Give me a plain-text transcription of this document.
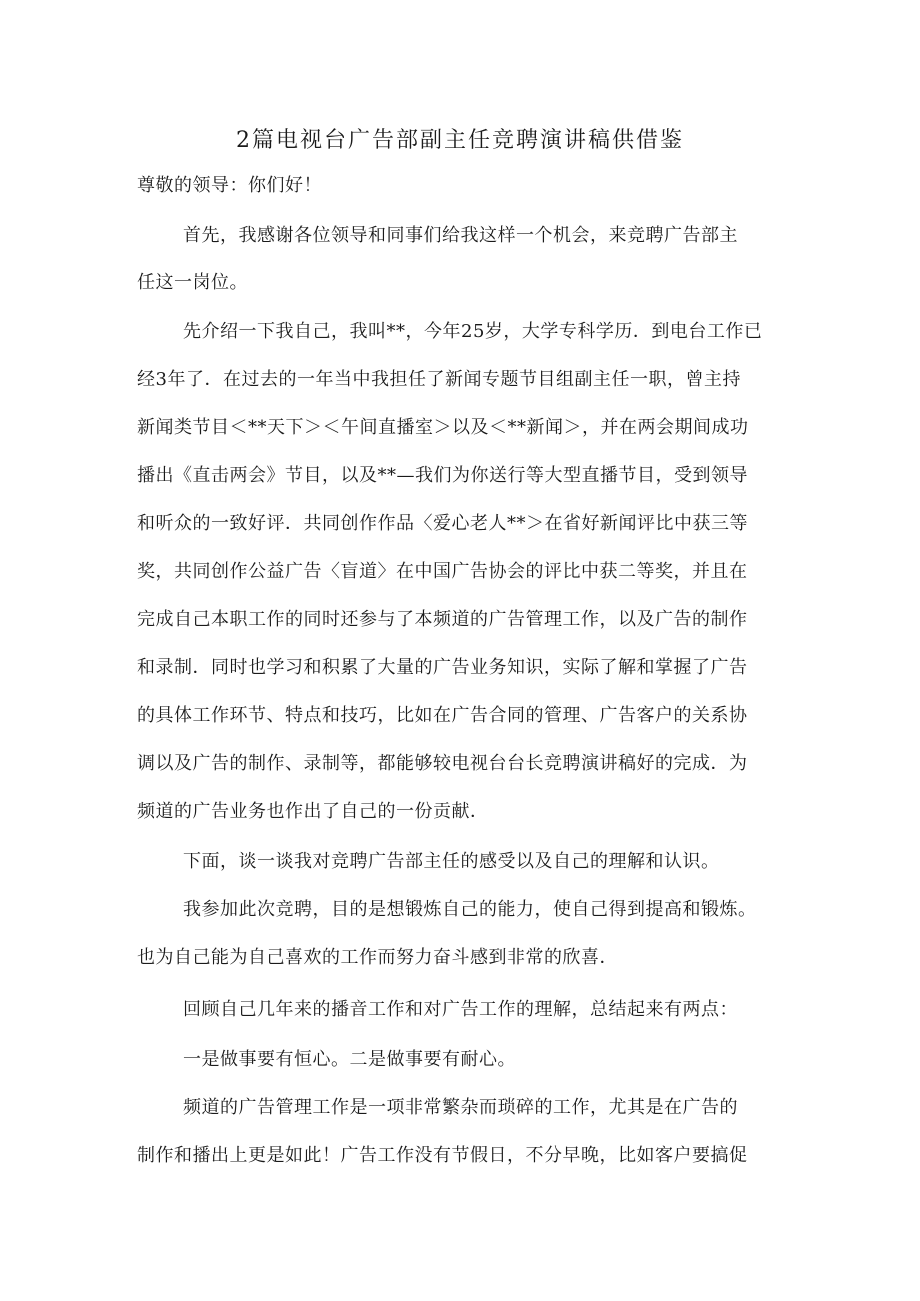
2篇电视台广告部副主任竞聘演讲稿供借鉴
尊敬的领导：你们好！
首先，我感谢各位领导和同事们给我这样一个机会，来竞聘广告部主
任这一岗位。
先介绍一下我自己，我叫**，今年25岁，大学专科学历．到电台工作已
经3年了．在过去的一年当中我担任了新闻专题节目组副主任一职，曾主持
新闻类节目＜**天下＞＜午间直播室＞以及＜**新闻＞，并在两会期间成功
播出《直击两会》节目，以及**—我们为你送行等大型直播节目，受到领导
和听众的一致好评．共同创作作品〈爱心老人**＞在省好新闻评比中获三等
奖，共同创作公益广告〈盲道〉在中国广告协会的评比中获二等奖，并且在
完成自己本职工作的同时还参与了本频道的广告管理工作，以及广告的制作
和录制．同时也学习和积累了大量的广告业务知识，实际了解和掌握了广告
的具体工作环节、特点和技巧，比如在广告合同的管理、广告客户的关系协
调以及广告的制作、录制等，都能够较电视台台长竞聘演讲稿好的完成．为
频道的广告业务也作出了自己的一份贡献．
下面，谈一谈我对竞聘广告部主任的感受以及自己的理解和认识。
我参加此次竞聘，目的是想锻炼自己的能力，使自己得到提高和锻炼。
也为自己能为自己喜欢的工作而努力奋斗感到非常的欣喜．
回顾自己几年来的播音工作和对广告工作的理解，总结起来有两点：
一是做事要有恒心。二是做事要有耐心。
频道的广告管理工作是一项非常繁杂而琐碎的工作，尤其是在广告的
制作和播出上更是如此！广告工作没有节假日，不分早晚，比如客户要搞促
